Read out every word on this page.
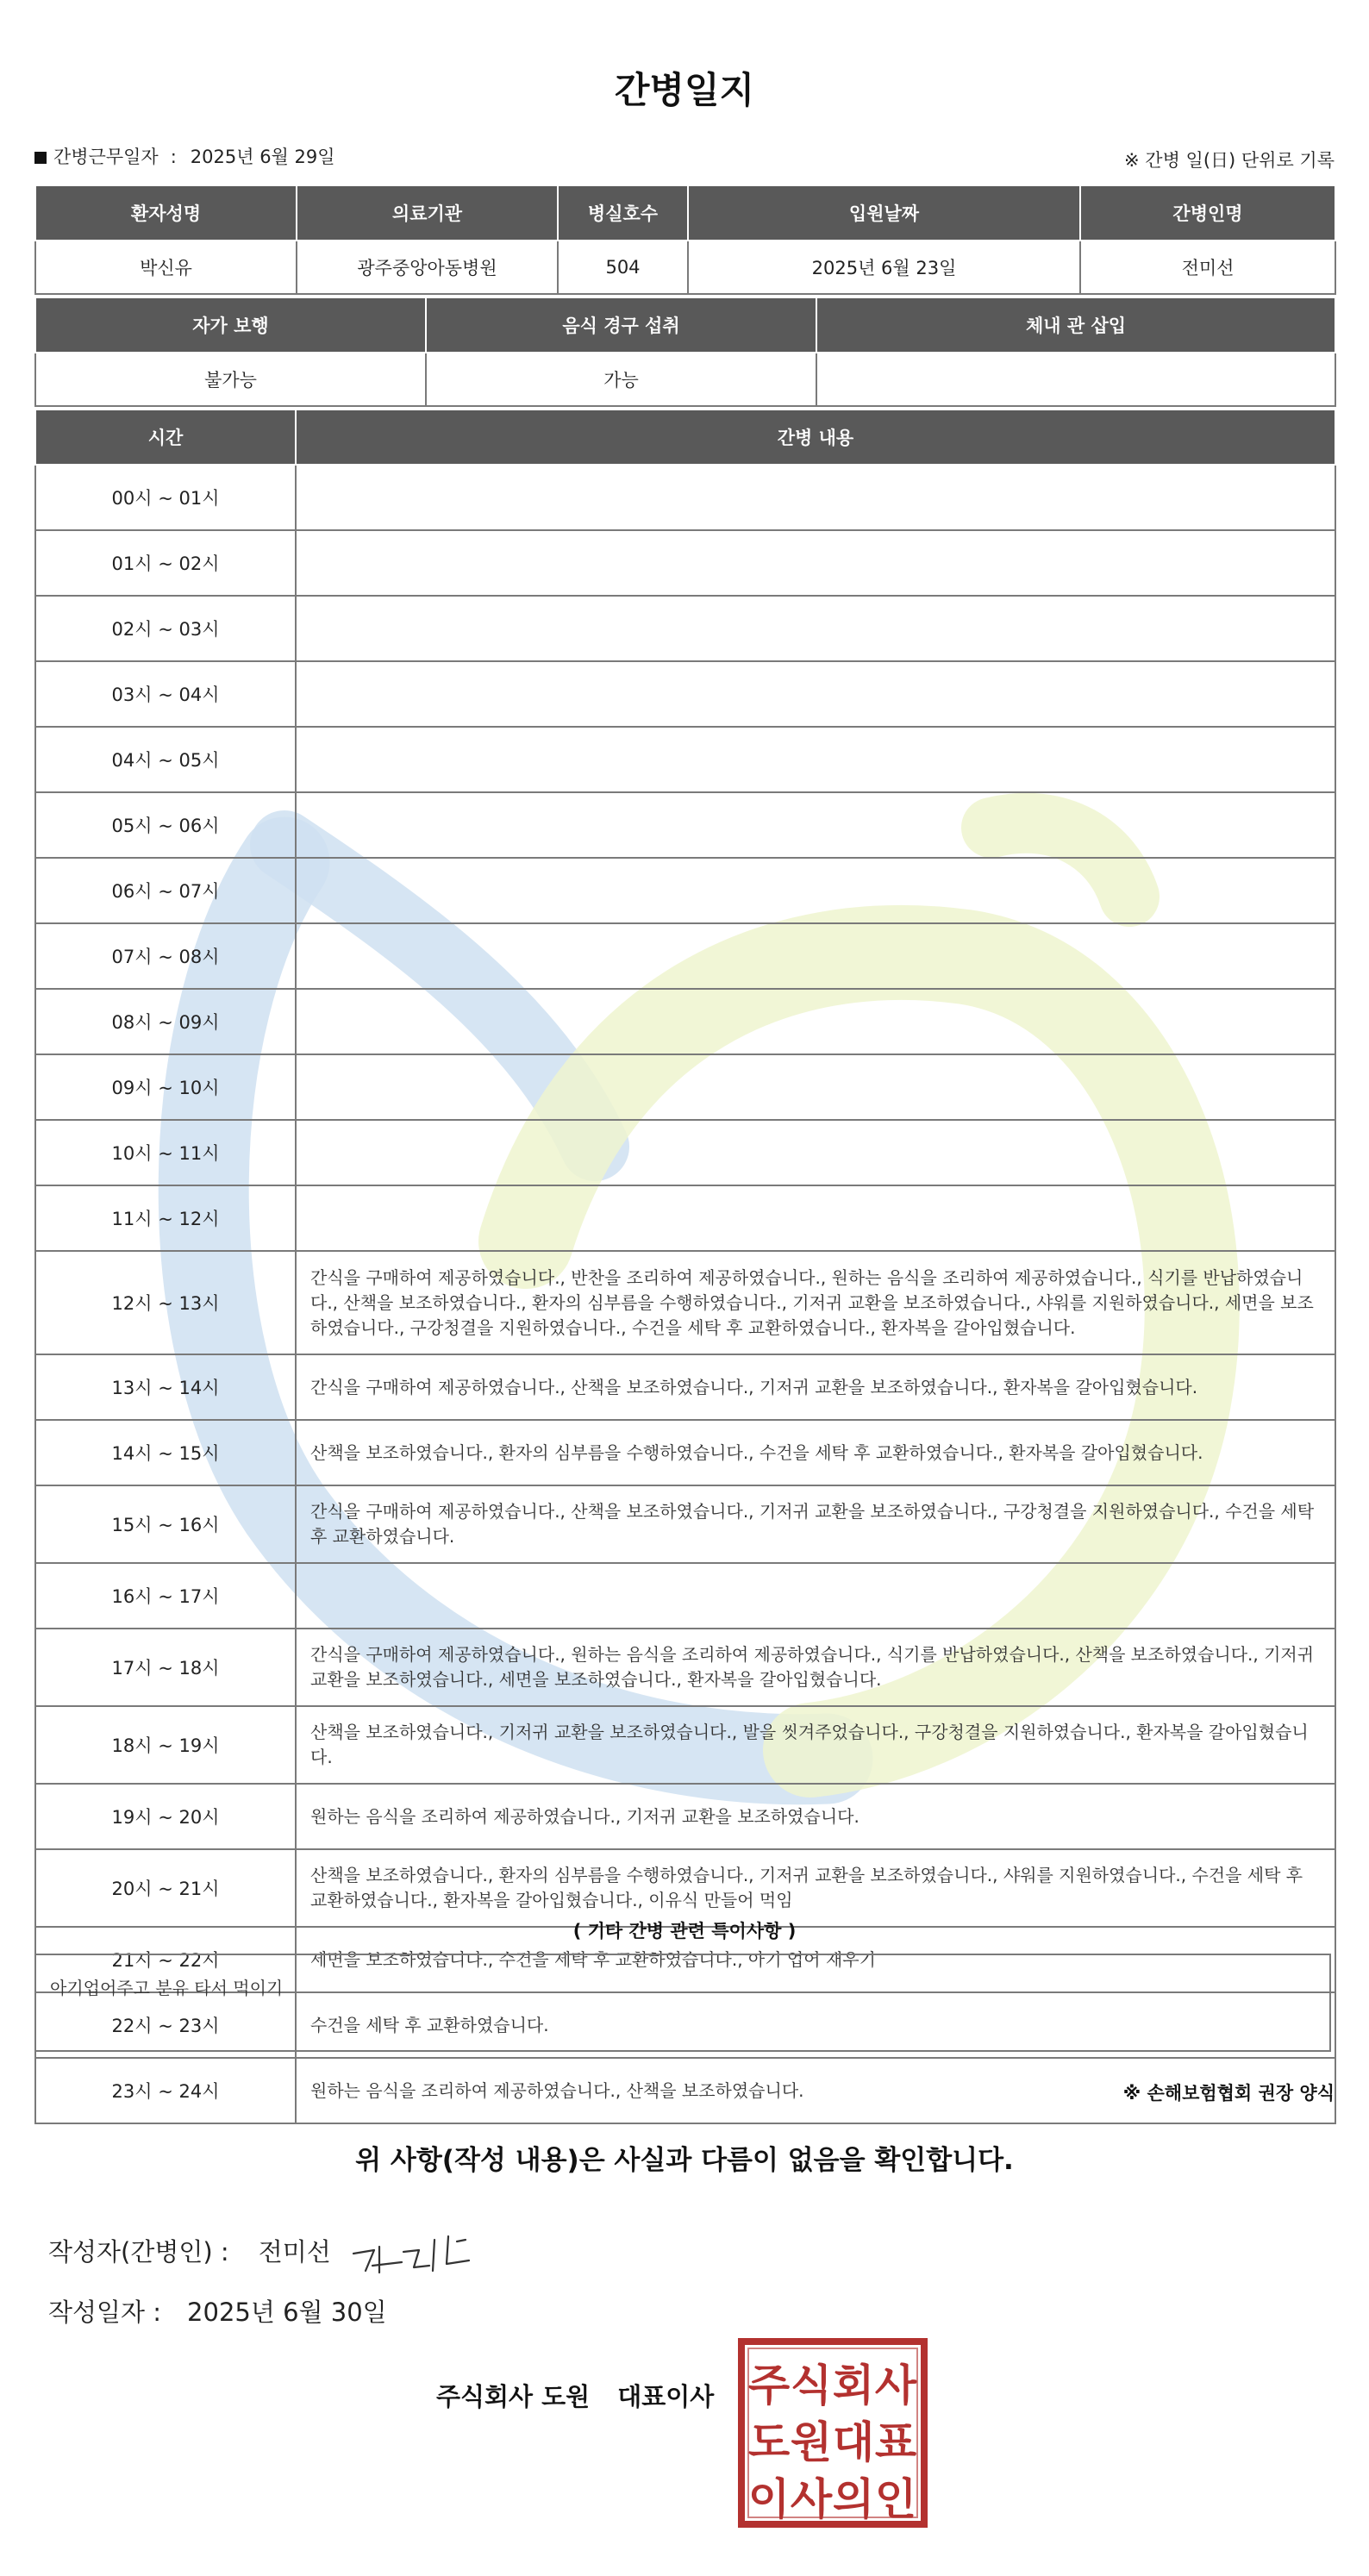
간병일지
간병근무일자 : 2025년 6월 29일	※ 간병 일(日) 단위로 기록
환자성명	의료기관	병실호수	입원날짜	간병인명
박신유	광주중앙아동병원	504	2025년 6월 23일	전미선
자가 보행	음식 경구 섭취	체내 관 삽입
불가능	가능	
시간	간병 내용
00시 ~ 01시	
01시 ~ 02시	
02시 ~ 03시	
03시 ~ 04시	
04시 ~ 05시	
05시 ~ 06시	
06시 ~ 07시	
07시 ~ 08시	
08시 ~ 09시	
09시 ~ 10시	
10시 ~ 11시	
11시 ~ 12시	
12시 ~ 13시	간식을 구매하여 제공하였습니다., 반찬을 조리하여 제공하였습니다., 원하는 음식을 조리하여 제공하였습니다., 식기를 반납하였습니다., 산책을 보조하였습니다., 환자의 심부름을 수행하였습니다., 기저귀 교환을 보조하였습니다., 샤워를 지원하였습니다., 세면을 보조하였습니다., 구강청결을 지원하였습니다., 수건을 세탁 후 교환하였습니다., 환자복을 갈아입혔습니다.
13시 ~ 14시	간식을 구매하여 제공하였습니다., 산책을 보조하였습니다., 기저귀 교환을 보조하였습니다., 환자복을 갈아입혔습니다.
14시 ~ 15시	산책을 보조하였습니다., 환자의 심부름을 수행하였습니다., 수건을 세탁 후 교환하였습니다., 환자복을 갈아입혔습니다.
15시 ~ 16시	간식을 구매하여 제공하였습니다., 산책을 보조하였습니다., 기저귀 교환을 보조하였습니다., 구강청결을 지원하였습니다., 수건을 세탁 후 교환하였습니다.
16시 ~ 17시	
17시 ~ 18시	간식을 구매하여 제공하였습니다., 원하는 음식을 조리하여 제공하였습니다., 식기를 반납하였습니다., 산책을 보조하였습니다., 기저귀 교환을 보조하였습니다., 세면을 보조하였습니다., 환자복을 갈아입혔습니다.
18시 ~ 19시	산책을 보조하였습니다., 기저귀 교환을 보조하였습니다., 발을 씻겨주었습니다., 구강청결을 지원하였습니다., 환자복을 갈아입혔습니다.
19시 ~ 20시	원하는 음식을 조리하여 제공하였습니다., 기저귀 교환을 보조하였습니다.
20시 ~ 21시	산책을 보조하였습니다., 환자의 심부름을 수행하였습니다., 기저귀 교환을 보조하였습니다., 샤워를 지원하였습니다., 수건을 세탁 후 교환하였습니다., 환자복을 갈아입혔습니다., 이유식 만들어 먹임
21시 ~ 22시	세면을 보조하였습니다., 수건을 세탁 후 교환하였습니다., 아기 업어 재우기
22시 ~ 23시	수건을 세탁 후 교환하였습니다.
23시 ~ 24시	원하는 음식을 조리하여 제공하였습니다., 산책을 보조하였습니다.
( 기타 간병 관련 특이사항 )
아기업어주고 분유 타서 먹이기
※ 손해보험협회 권장 양식
위 사항(작성 내용)은 사실과 다름이 없음을 확인합니다.
작성자(간병인) : 전미선
작성일자 : 2025년 6월 30일
주식회사 도원 대표이사 주 식 회 사
도 원 대 표
이 사 의 인
